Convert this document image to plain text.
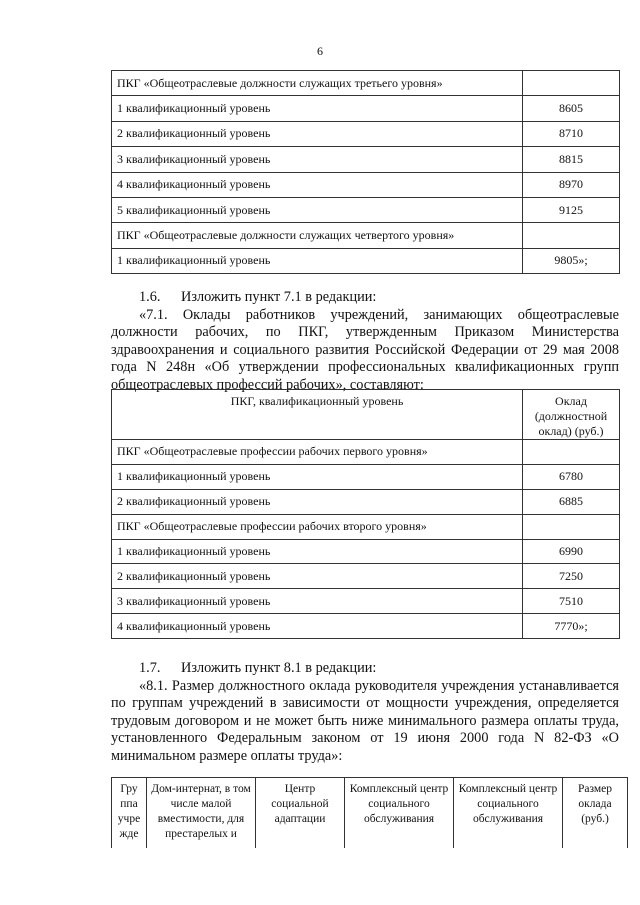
6
ПКГ «Общеотраслевые должности служащих третьего уровня»	
1 квалификационный уровень	8605
2 квалификационный уровень	8710
3 квалификационный уровень	8815
4 квалификационный уровень	8970
5 квалификационный уровень	9125
ПКГ «Общеотраслевые должности служащих четвертого уровня»	
1 квалификационный уровень	9805»;

1.6. Изложить пункт 7.1 в редакции:

«7.1. Оклады работников учреждений, занимающих общеотраслевые должности рабочих, по ПКГ, утвержденным Приказом Министерства здравоохранения и социального развития Российской Федерации от 29 мая 2008 года N 248н «Об утверждении профессиональных квалификационных групп общеотраслевых профессий рабочих», составляют:

ПКГ, квалификационный уровень	Оклад (должностной оклад) (руб.)
ПКГ «Общеотраслевые профессии рабочих первого уровня»	
1 квалификационный уровень	6780
2 квалификационный уровень	6885
ПКГ «Общеотраслевые профессии рабочих второго уровня»	
1 квалификационный уровень	6990
2 квалификационный уровень	7250
3 квалификационный уровень	7510
4 квалификационный уровень	7770»;

1.7. Изложить пункт 8.1 в редакции:

«8.1. Размер должностного оклада руководителя учреждения устанавливается по группам учреждений в зависимости от мощности учреждения, определяется трудовым договором и не может быть ниже минимального размера оплаты труда, установленного Федеральным законом от 19 июня 2000 года N 82-ФЗ «О минимальном размере оплаты труда»:

Гру ппа учре жде	Дом-интернат, в том числе малой вместимости, для престарелых и	Центр социальной адаптации	Комплексный центр социального обслуживания	Комплексный центр социального обслуживания	Размер оклада (руб.)
